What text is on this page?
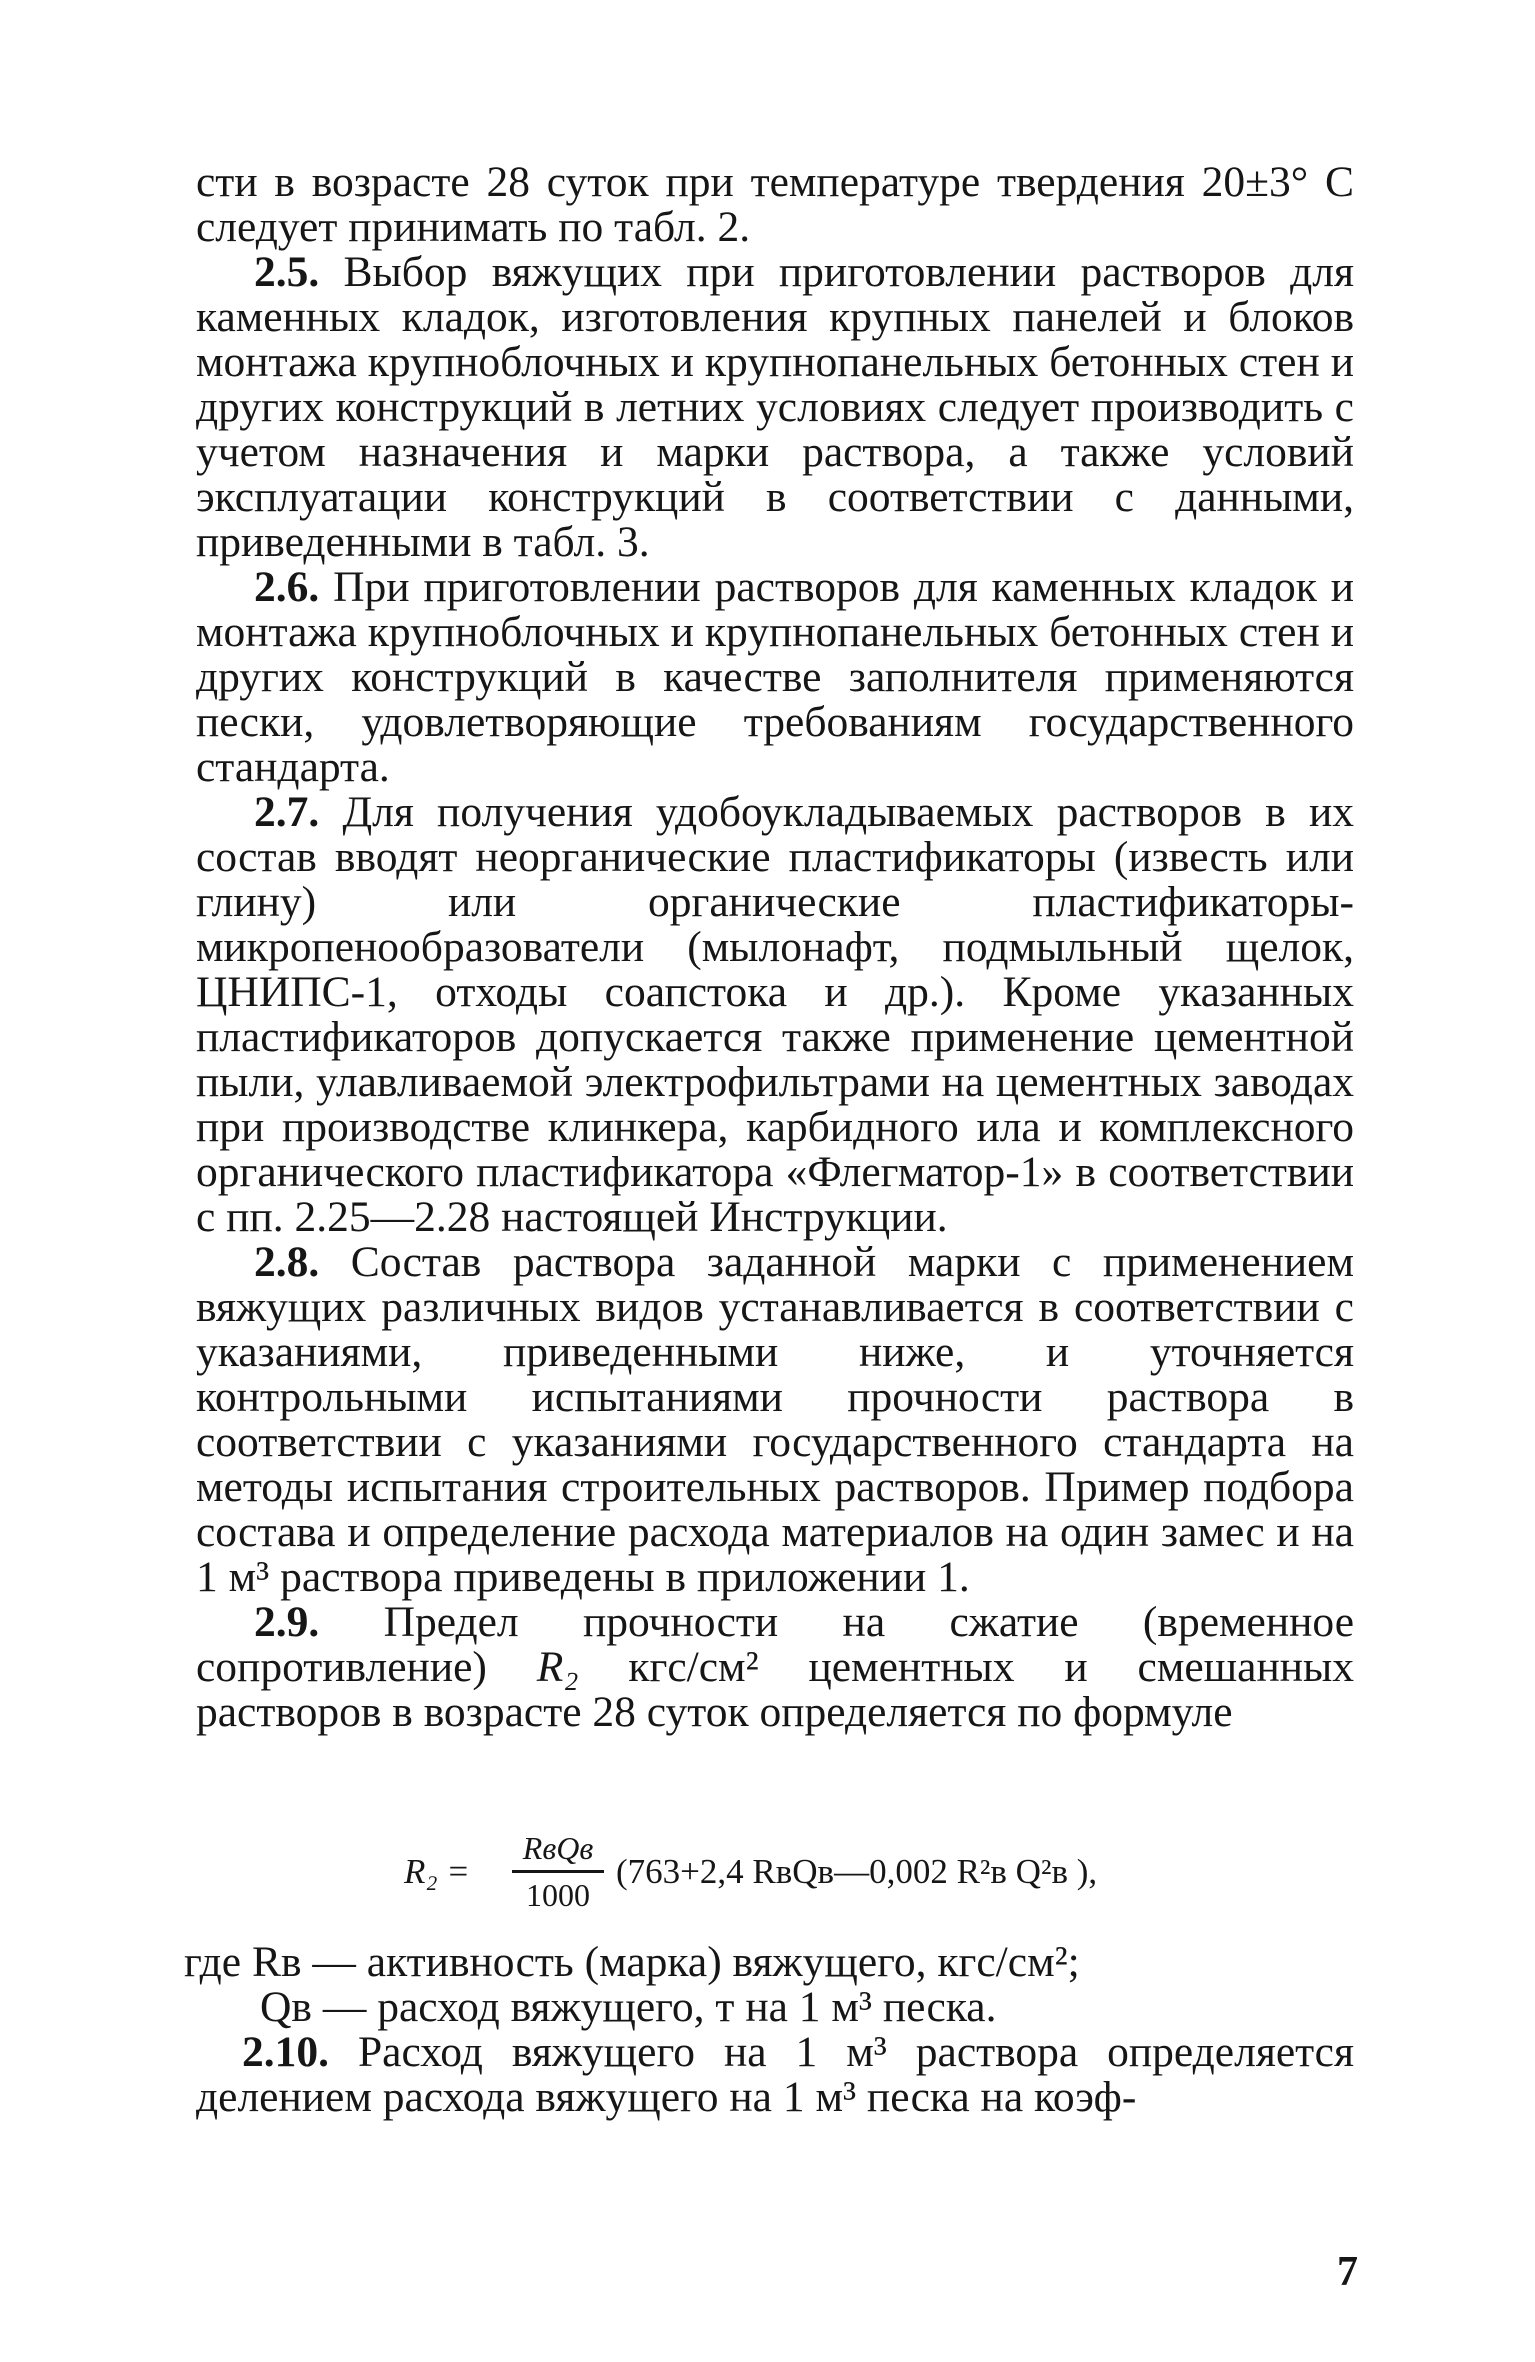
сти в возрасте 28 суток при температуре твердения 20±3° С следует принимать по табл. 2.

2.5. Выбор вяжущих при приготовлении растворов для каменных кладок, изготовления крупных панелей и блоков монтажа крупноблочных и крупнопанельных бетонных стен и других конструкций в летних условиях следует производить с учетом назначения и марки раствора, а также условий эксплуатации конструкций в соответствии с данными, приведенными в табл. 3.

2.6. При приготовлении растворов для каменных кладок и монтажа крупноблочных и крупнопанельных бетонных стен и других конструкций в качестве заполнителя применяются пески, удовлетворяющие требованиям государственного стандарта.

2.7. Для получения удобоукладываемых растворов в их состав вводят неорганические пластификаторы (известь или глину) или органические пластификаторы-микропенообразователи (мылонафт, подмыльный щелок, ЦНИПС-1, отходы соапстока и др.). Кроме указанных пластификаторов допускается также применение цементной пыли, улавливаемой электрофильтрами на цементных заводах при производстве клинкера, карбидного ила и комплексного органического пластификатора «Флегматор-1» в соответствии с пп. 2.25—2.28 настоящей Инструкции.

2.8. Состав раствора заданной марки с применением вяжущих различных видов устанавливается в соответствии с указаниями, приведенными ниже, и уточняется контрольными испытаниями прочности раствора в соответствии с указаниями государственного стандарта на методы испытания строительных растворов. Пример подбора состава и определение расхода материалов на один замес и на 1 м³ раствора приведены в приложении 1.

2.9. Предел прочности на сжатие (временное сопротивление) R₂ кгс/см² цементных и смешанных растворов в возрасте 28 суток определяется по формуле

R₂ =
RвQв
1000
(763+2,4 RвQв—0,002 R²в Q²в ),
где Rв — активность (марка) вяжущего, кгс/см²;
Qв — расход вяжущего, т на 1 м³ песка.

2.10. Расход вяжущего на 1 м³ раствора определяется делением расхода вяжущего на 1 м³ песка на коэф-

7
